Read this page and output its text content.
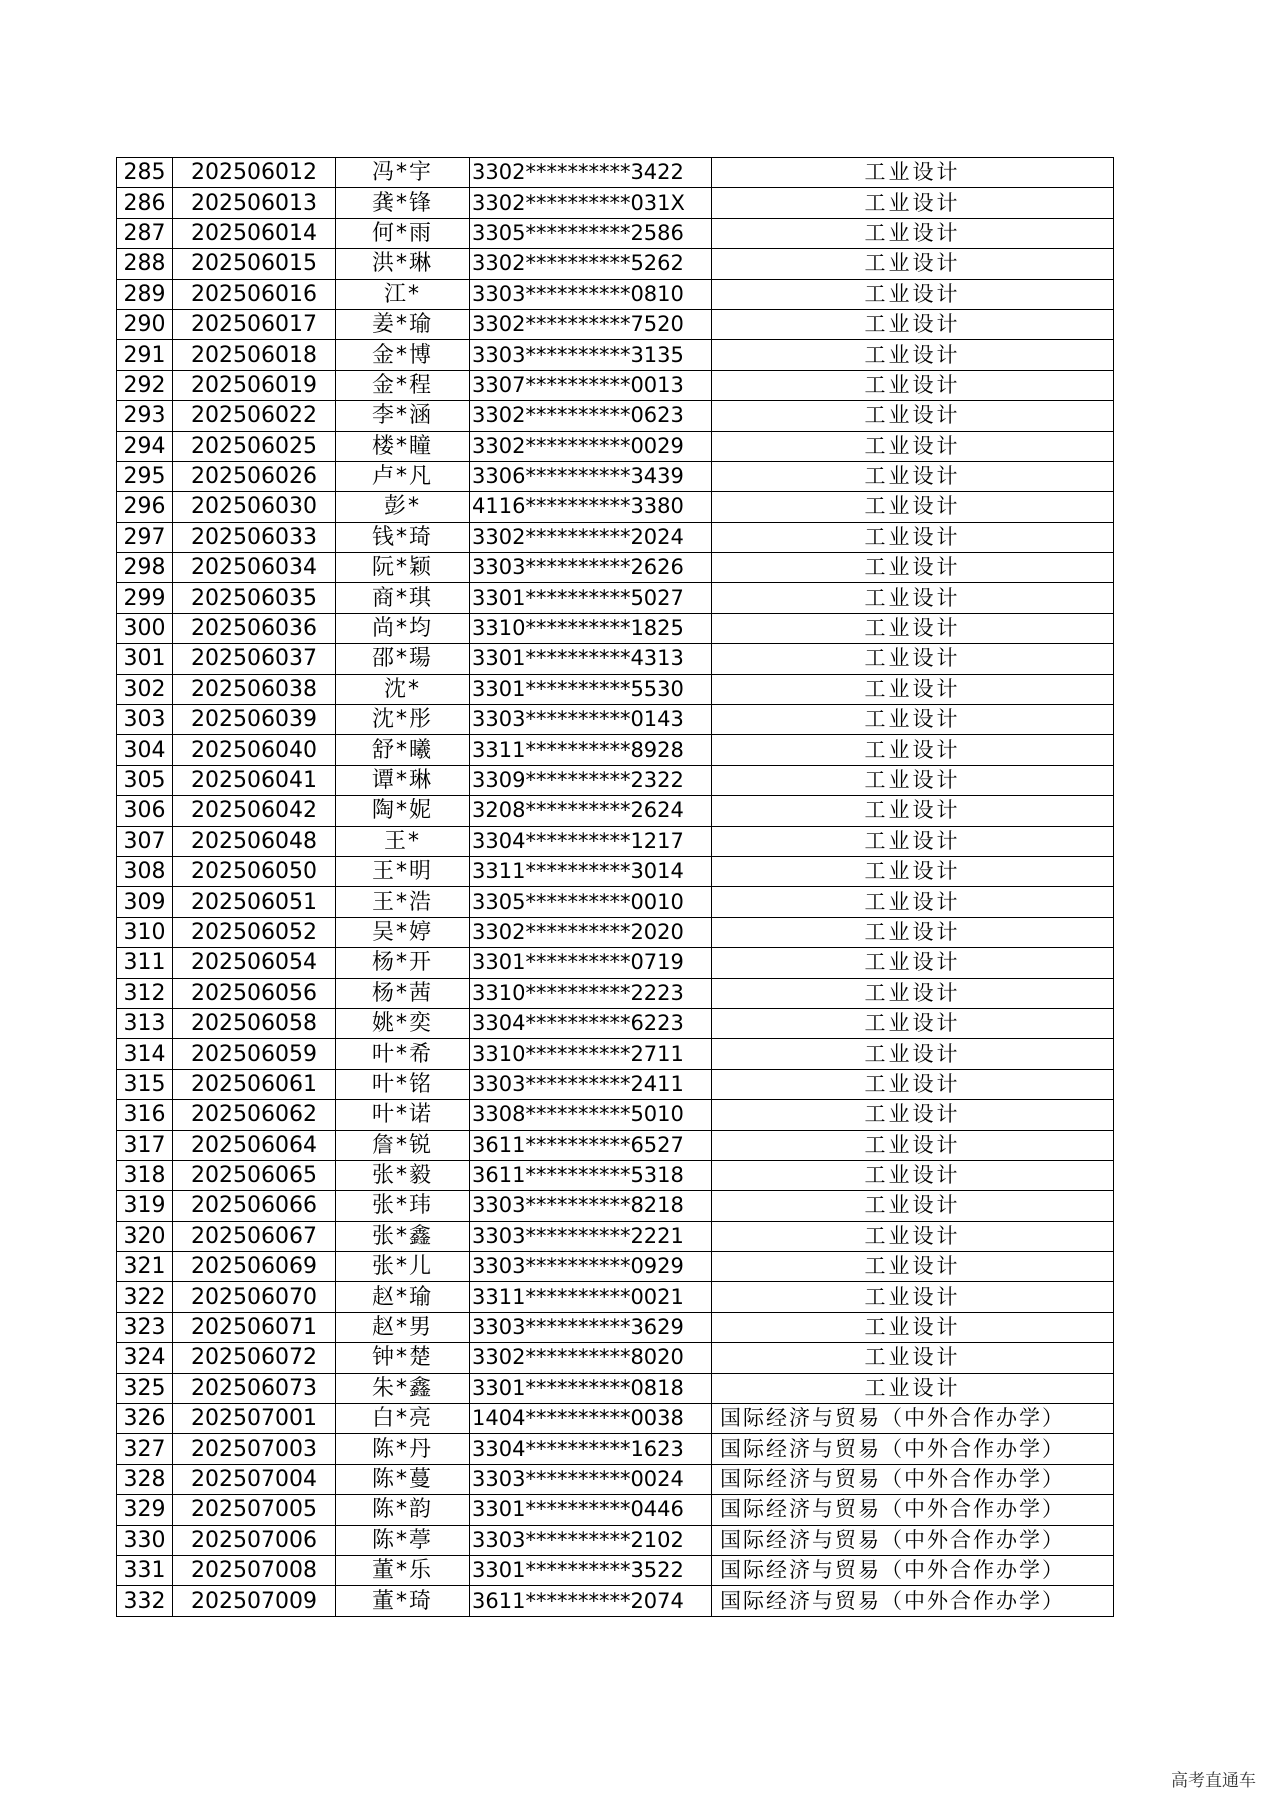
285	202506012	冯*宇	3302**********3422	工业设计
286	202506013	龚*锋	3302**********031X	工业设计
287	202506014	何*雨	3305**********2586	工业设计
288	202506015	洪*琳	3302**********5262	工业设计
289	202506016	江*	3303**********0810	工业设计
290	202506017	姜*瑜	3302**********7520	工业设计
291	202506018	金*博	3303**********3135	工业设计
292	202506019	金*程	3307**********0013	工业设计
293	202506022	李*涵	3302**********0623	工业设计
294	202506025	楼*瞳	3302**********0029	工业设计
295	202506026	卢*凡	3306**********3439	工业设计
296	202506030	彭*	4116**********3380	工业设计
297	202506033	钱*琦	3302**********2024	工业设计
298	202506034	阮*颖	3303**********2626	工业设计
299	202506035	商*琪	3301**********5027	工业设计
300	202506036	尚*均	3310**********1825	工业设计
301	202506037	邵*瑒	3301**********4313	工业设计
302	202506038	沈*	3301**********5530	工业设计
303	202506039	沈*彤	3303**********0143	工业设计
304	202506040	舒*曦	3311**********8928	工业设计
305	202506041	谭*琳	3309**********2322	工业设计
306	202506042	陶*妮	3208**********2624	工业设计
307	202506048	王*	3304**********1217	工业设计
308	202506050	王*明	3311**********3014	工业设计
309	202506051	王*浩	3305**********0010	工业设计
310	202506052	吴*婷	3302**********2020	工业设计
311	202506054	杨*开	3301**********0719	工业设计
312	202506056	杨*茜	3310**********2223	工业设计
313	202506058	姚*奕	3304**********6223	工业设计
314	202506059	叶*希	3310**********2711	工业设计
315	202506061	叶*铭	3303**********2411	工业设计
316	202506062	叶*诺	3308**********5010	工业设计
317	202506064	詹*锐	3611**********6527	工业设计
318	202506065	张*毅	3611**********5318	工业设计
319	202506066	张*玮	3303**********8218	工业设计
320	202506067	张*鑫	3303**********2221	工业设计
321	202506069	张*儿	3303**********0929	工业设计
322	202506070	赵*瑜	3311**********0021	工业设计
323	202506071	赵*男	3303**********3629	工业设计
324	202506072	钟*楚	3302**********8020	工业设计
325	202506073	朱*鑫	3301**********0818	工业设计
326	202507001	白*亮	1404**********0038	国际经济与贸易（中外合作办学）
327	202507003	陈*丹	3304**********1623	国际经济与贸易（中外合作办学）
328	202507004	陈*蔓	3303**********0024	国际经济与贸易（中外合作办学）
329	202507005	陈*韵	3301**********0446	国际经济与贸易（中外合作办学）
330	202507006	陈*葶	3303**********2102	国际经济与贸易（中外合作办学）
331	202507008	董*乐	3301**********3522	国际经济与贸易（中外合作办学）
332	202507009	董*琦	3611**********2074	国际经济与贸易（中外合作办学）
高考直通车
